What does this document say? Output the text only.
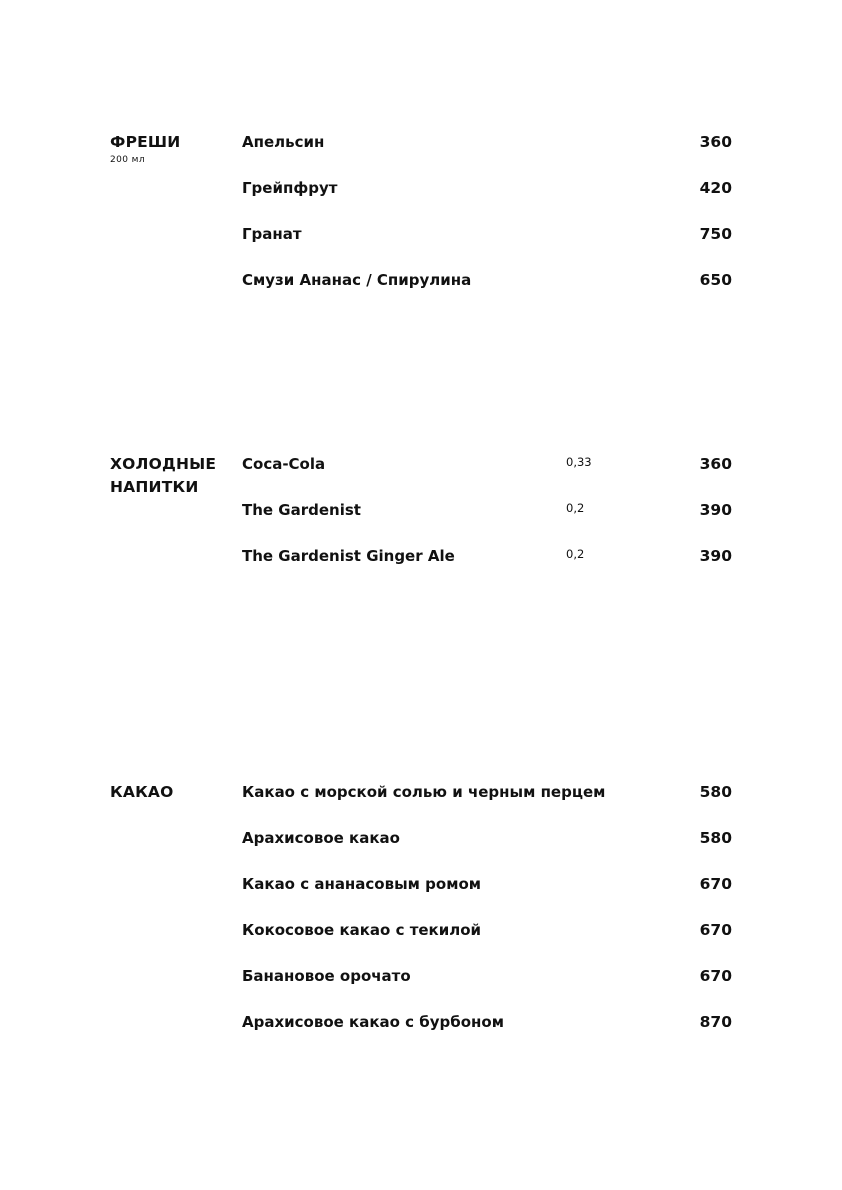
ФРЕШИ
200 мл
Апельсин	360
Грейпфрут	420
Гранат	750
Смузи Ананас / Спирулина	650
ХОЛОДНЫЕ
НАПИТКИ
Coca-Cola	0,33	360
The Gardenist	0,2	390
The Gardenist Ginger Ale	0,2	390
КАКАО	Какао с морской солью и черным перцем	580
Арахисовое какао	580
Какао с ананасовым ромом	670
Кокосовое какао с текилой	670
Банановое орочато	670
Арахисовое какао с бурбоном	870
